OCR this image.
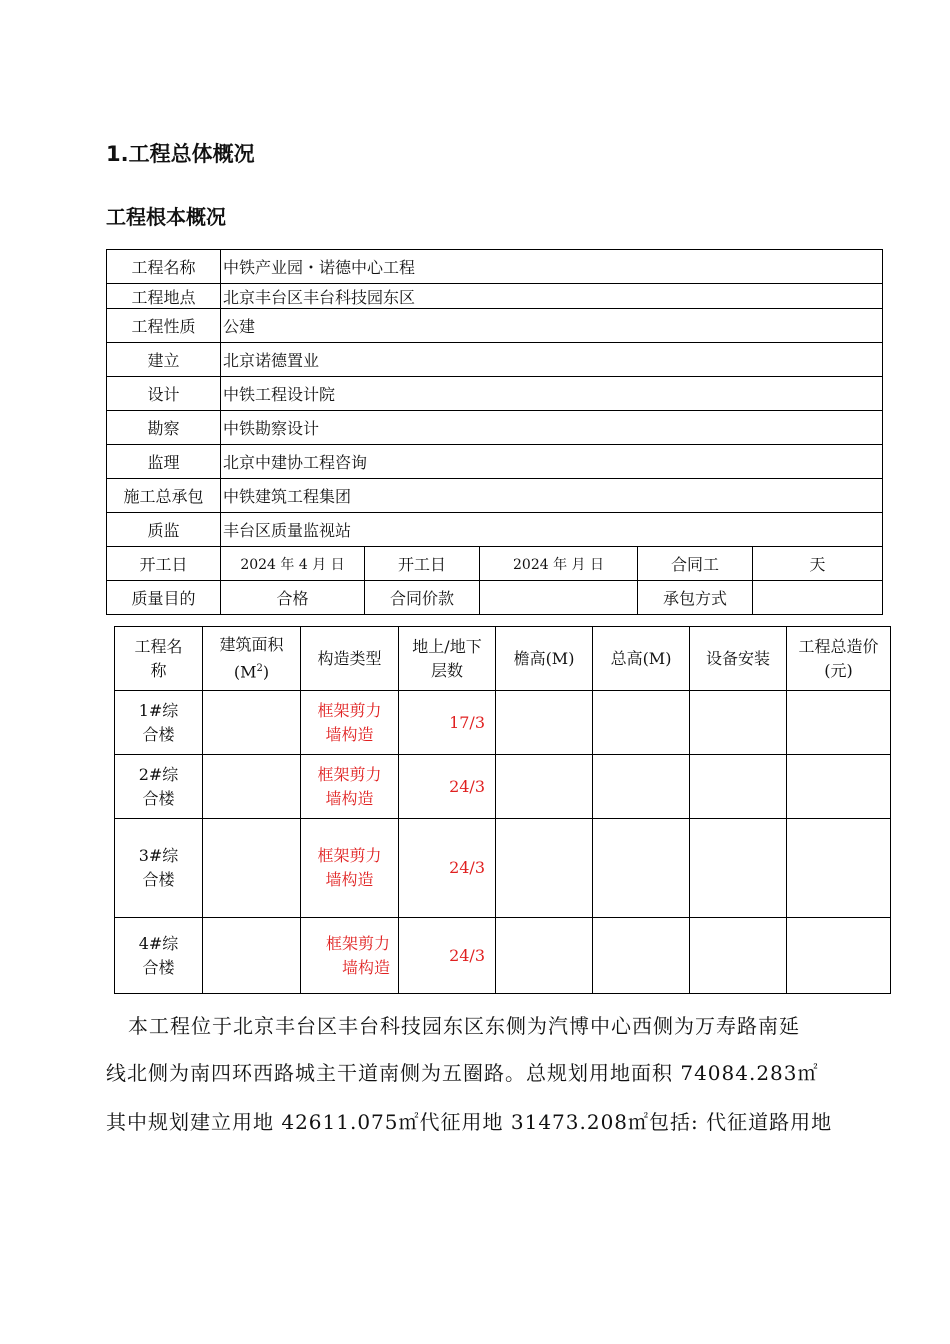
1.工程总体概况
工程根本概况
工程名称	中铁产业园・诺德中心工程				
工程地点	北京丰台区丰台科技园东区				
工程性质	公建				
建立	北京诺德置业				
设计	中铁工程设计院				
勘察	中铁勘察设计				
监理	北京中建协工程咨询				
施工总承包	中铁建筑工程集团				
质监	丰台区质量监视站				
开工日	2024 年 4 月 日	开工日	2024 年 月 日	合同工	天
质量目的	合格	合同价款		承包方式	
工程名称	建筑面积$(M^2)$	构造类型	地上/地下层数	檐高(M)	总高(M)	设备安装	工程总造价(元)
1#综合楼		框架剪力墙构造	17/3				
2#综合楼		框架剪力墙构造	24/3				
3#综合楼		框架剪力墙构造	24/3				
4#综合楼		框架剪力墙构造	24/3				
本工程位于北京丰台区丰台科技园东区东侧为汽博中心西侧为万寿路南延
线北侧为南四环西路城主干道南侧为五圈路。总规划用地面积 74084.283㎡
其中规划建立用地 42611.075㎡代征用地 31473.208㎡包括: 代征道路用地
